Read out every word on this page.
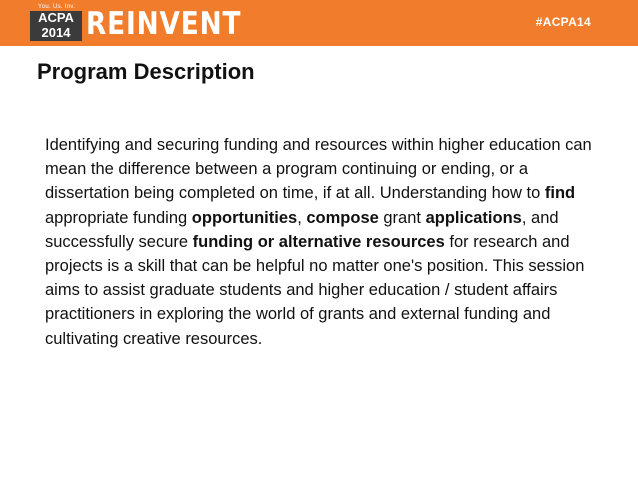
You. Us. Inv.
ACPA
2014 REINVENT	#ACPA14
Program Description
Identifying and securing funding and resources within higher education can mean the difference between a program continuing or ending, or a dissertation being completed on time, if at all. Understanding how to find appropriate funding opportunities, compose grant applications, and successfully secure funding or alternative resources for research and projects is a skill that can be helpful no matter one's position. This session aims to assist graduate students and higher education / student affairs practitioners in exploring the world of grants and external funding and cultivating creative resources.
